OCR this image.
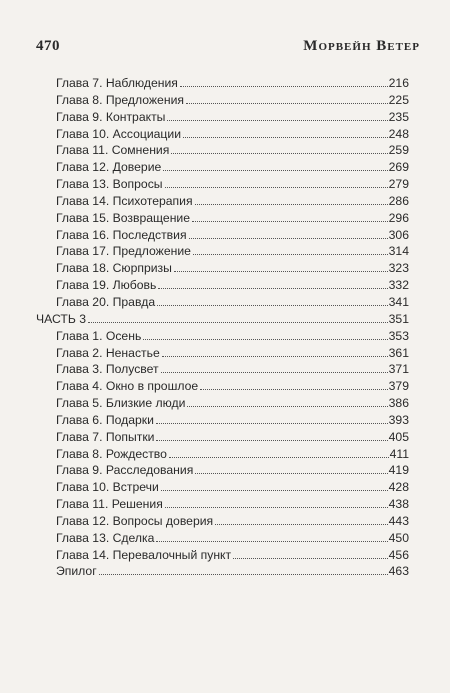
470	Морвейн Ветер
Глава 7. Наблюдения	216
Глава 8. Предложения	225
Глава 9. Контракты	235
Глава 10. Ассоциации	248
Глава 11. Сомнения	259
Глава 12. Доверие	269
Глава 13. Вопросы	279
Глава 14. Психотерапия	286
Глава 15. Возвращение	296
Глава 16. Последствия	306
Глава 17. Предложение	314
Глава 18. Сюрпризы	323
Глава 19. Любовь	332
Глава 20. Правда	341
ЧАСТЬ 3	351
Глава 1. Осень	353
Глава 2. Ненастье	361
Глава 3. Полусвет	371
Глава 4. Окно в прошлое	379
Глава 5. Близкие люди	386
Глава 6. Подарки	393
Глава 7. Попытки	405
Глава 8. Рождество	411
Глава 9. Расследования	419
Глава 10. Встречи	428
Глава 11. Решения	438
Глава 12. Вопросы доверия	443
Глава 13. Сделка	450
Глава 14. Перевалочный пункт	456
Эпилог	463
